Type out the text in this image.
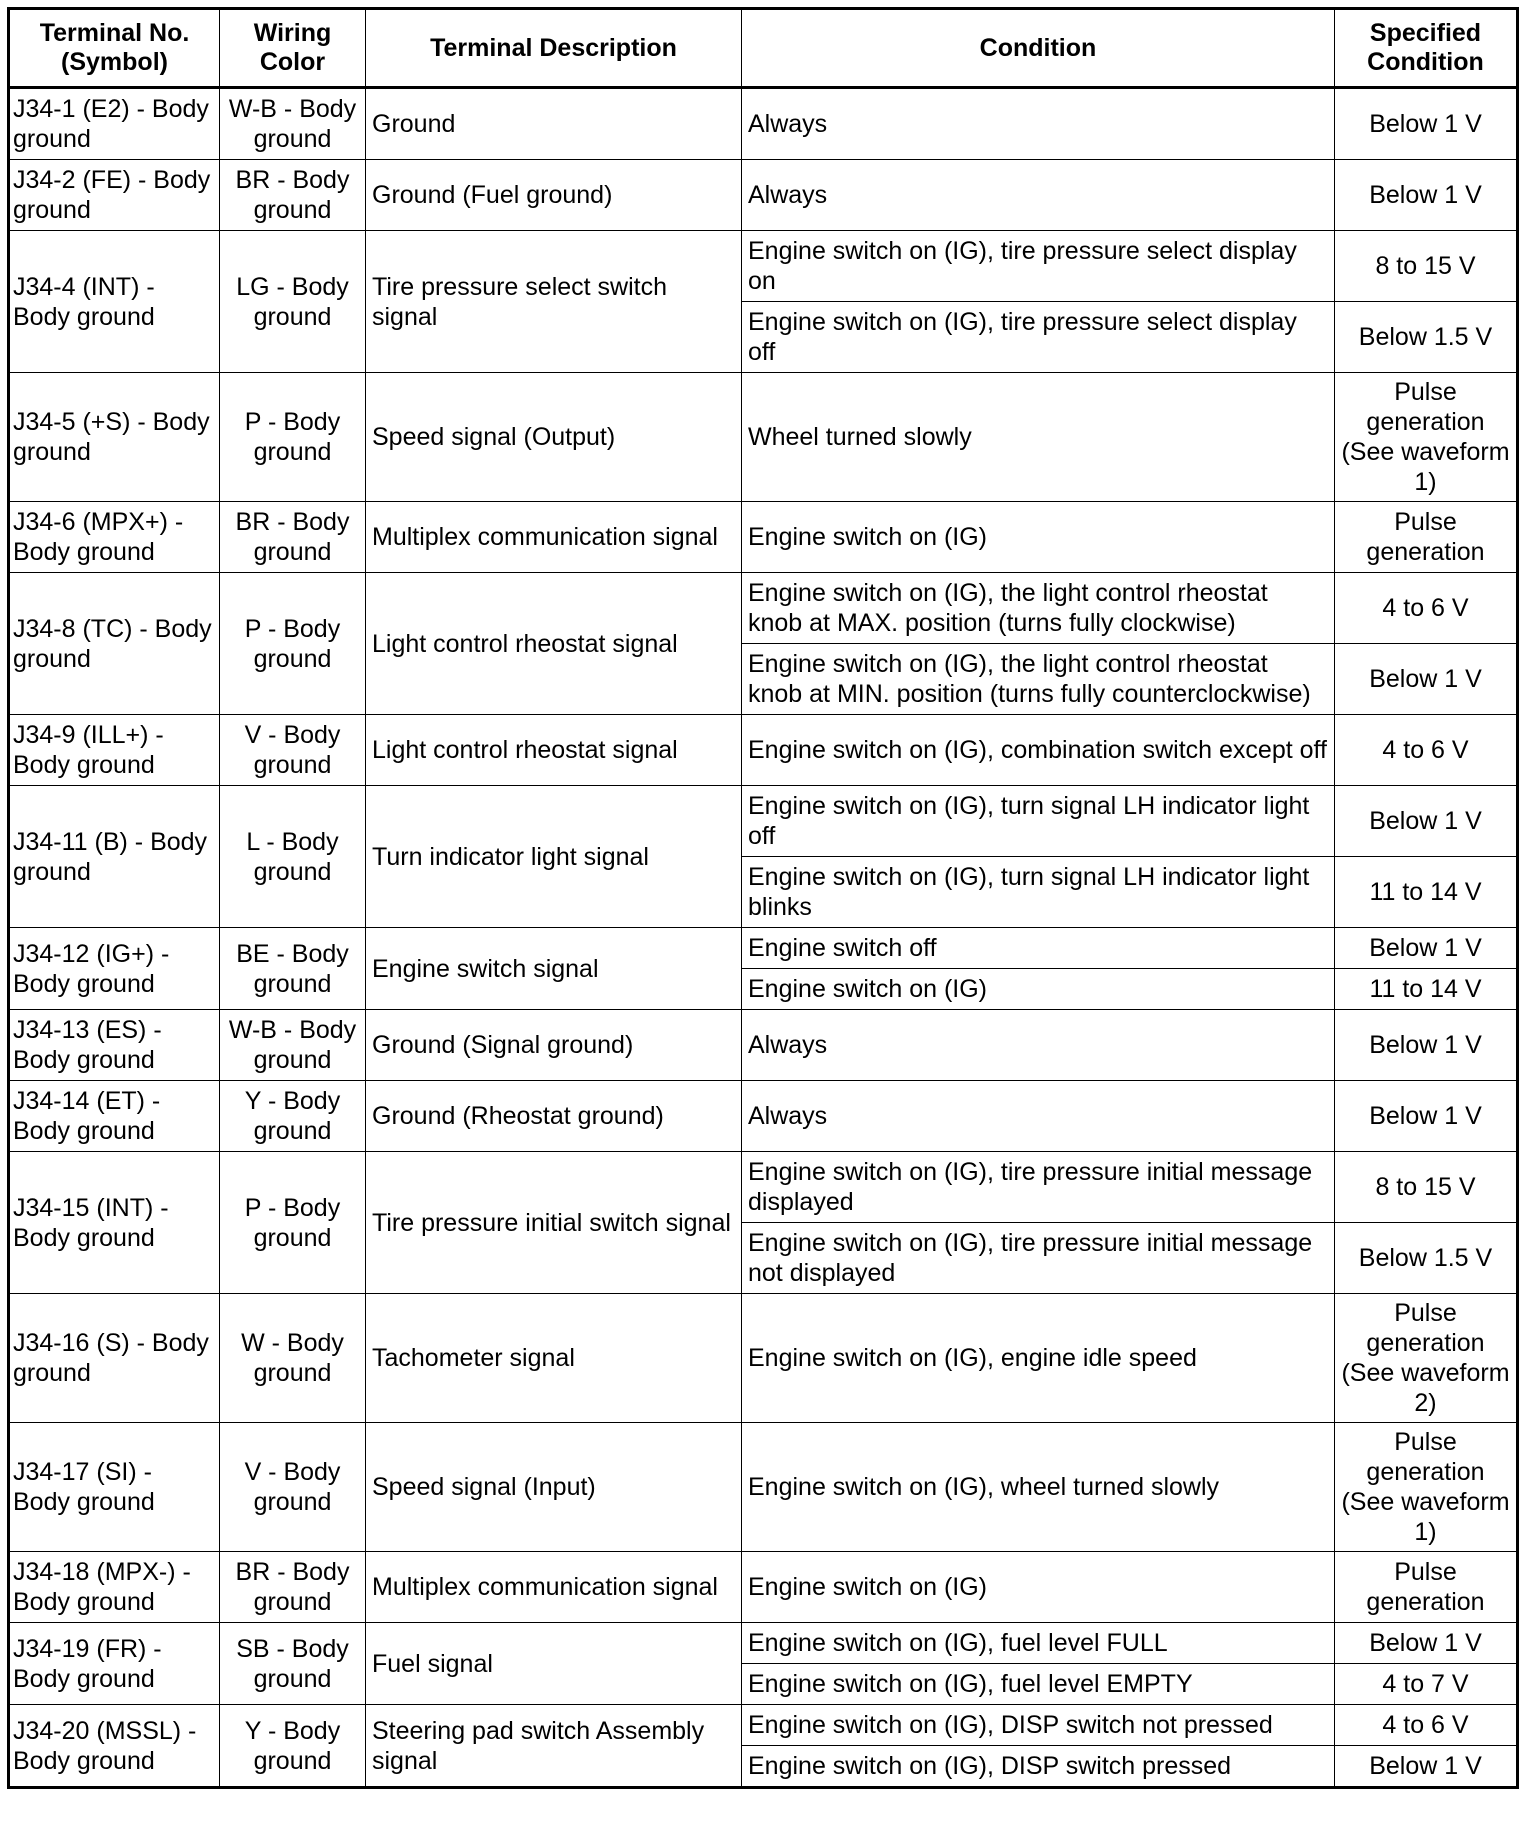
Terminal No. (Symbol)	Wiring Color	Terminal Description	Condition	Specified Condition
J34-1 (E2) - Body ground	W-B - Body ground	Ground	Always	Below 1 V
J34-2 (FE) - Body ground	BR - Body ground	Ground (Fuel ground)	Always	Below 1 V
J34-4 (INT) - Body ground	LG - Body ground	Tire pressure select switch signal	Engine switch on (IG), tire pressure select display on	8 to 15 V
			Engine switch on (IG), tire pressure select display off	Below 1.5 V
J34-5 (+S) - Body ground	P - Body ground	Speed signal (Output)	Wheel turned slowly	Pulse generation (See waveform 1)
J34-6 (MPX+) - Body ground	BR - Body ground	Multiplex communication signal	Engine switch on (IG)	Pulse generation
J34-8 (TC) - Body ground	P - Body ground	Light control rheostat signal	Engine switch on (IG), the light control rheostat knob at MAX. position (turns fully clockwise)	4 to 6 V
			Engine switch on (IG), the light control rheostat knob at MIN. position (turns fully counterclockwise)	Below 1 V
J34-9 (ILL+) - Body ground	V - Body ground	Light control rheostat signal	Engine switch on (IG), combination switch except off	4 to 6 V
J34-11 (B) - Body ground	L - Body ground	Turn indicator light signal	Engine switch on (IG), turn signal LH indicator light off	Below 1 V
			Engine switch on (IG), turn signal LH indicator light blinks	11 to 14 V
J34-12 (IG+) - Body ground	BE - Body ground	Engine switch signal	Engine switch off	Below 1 V
			Engine switch on (IG)	11 to 14 V
J34-13 (ES) - Body ground	W-B - Body ground	Ground (Signal ground)	Always	Below 1 V
J34-14 (ET) - Body ground	Y - Body ground	Ground (Rheostat ground)	Always	Below 1 V
J34-15 (INT) - Body ground	P - Body ground	Tire pressure initial switch signal	Engine switch on (IG), tire pressure initial message displayed	8 to 15 V
			Engine switch on (IG), tire pressure initial message not displayed	Below 1.5 V
J34-16 (S) - Body ground	W - Body ground	Tachometer signal	Engine switch on (IG), engine idle speed	Pulse generation (See waveform 2)
J34-17 (SI) - Body ground	V - Body ground	Speed signal (Input)	Engine switch on (IG), wheel turned slowly	Pulse generation (See waveform 1)
J34-18 (MPX-) - Body ground	BR - Body ground	Multiplex communication signal	Engine switch on (IG)	Pulse generation
J34-19 (FR) - Body ground	SB - Body ground	Fuel signal	Engine switch on (IG), fuel level FULL	Below 1 V
			Engine switch on (IG), fuel level EMPTY	4 to 7 V
J34-20 (MSSL) - Body ground	Y - Body ground	Steering pad switch Assembly signal	Engine switch on (IG), DISP switch not pressed	4 to 6 V
			Engine switch on (IG), DISP switch pressed	Below 1 V
